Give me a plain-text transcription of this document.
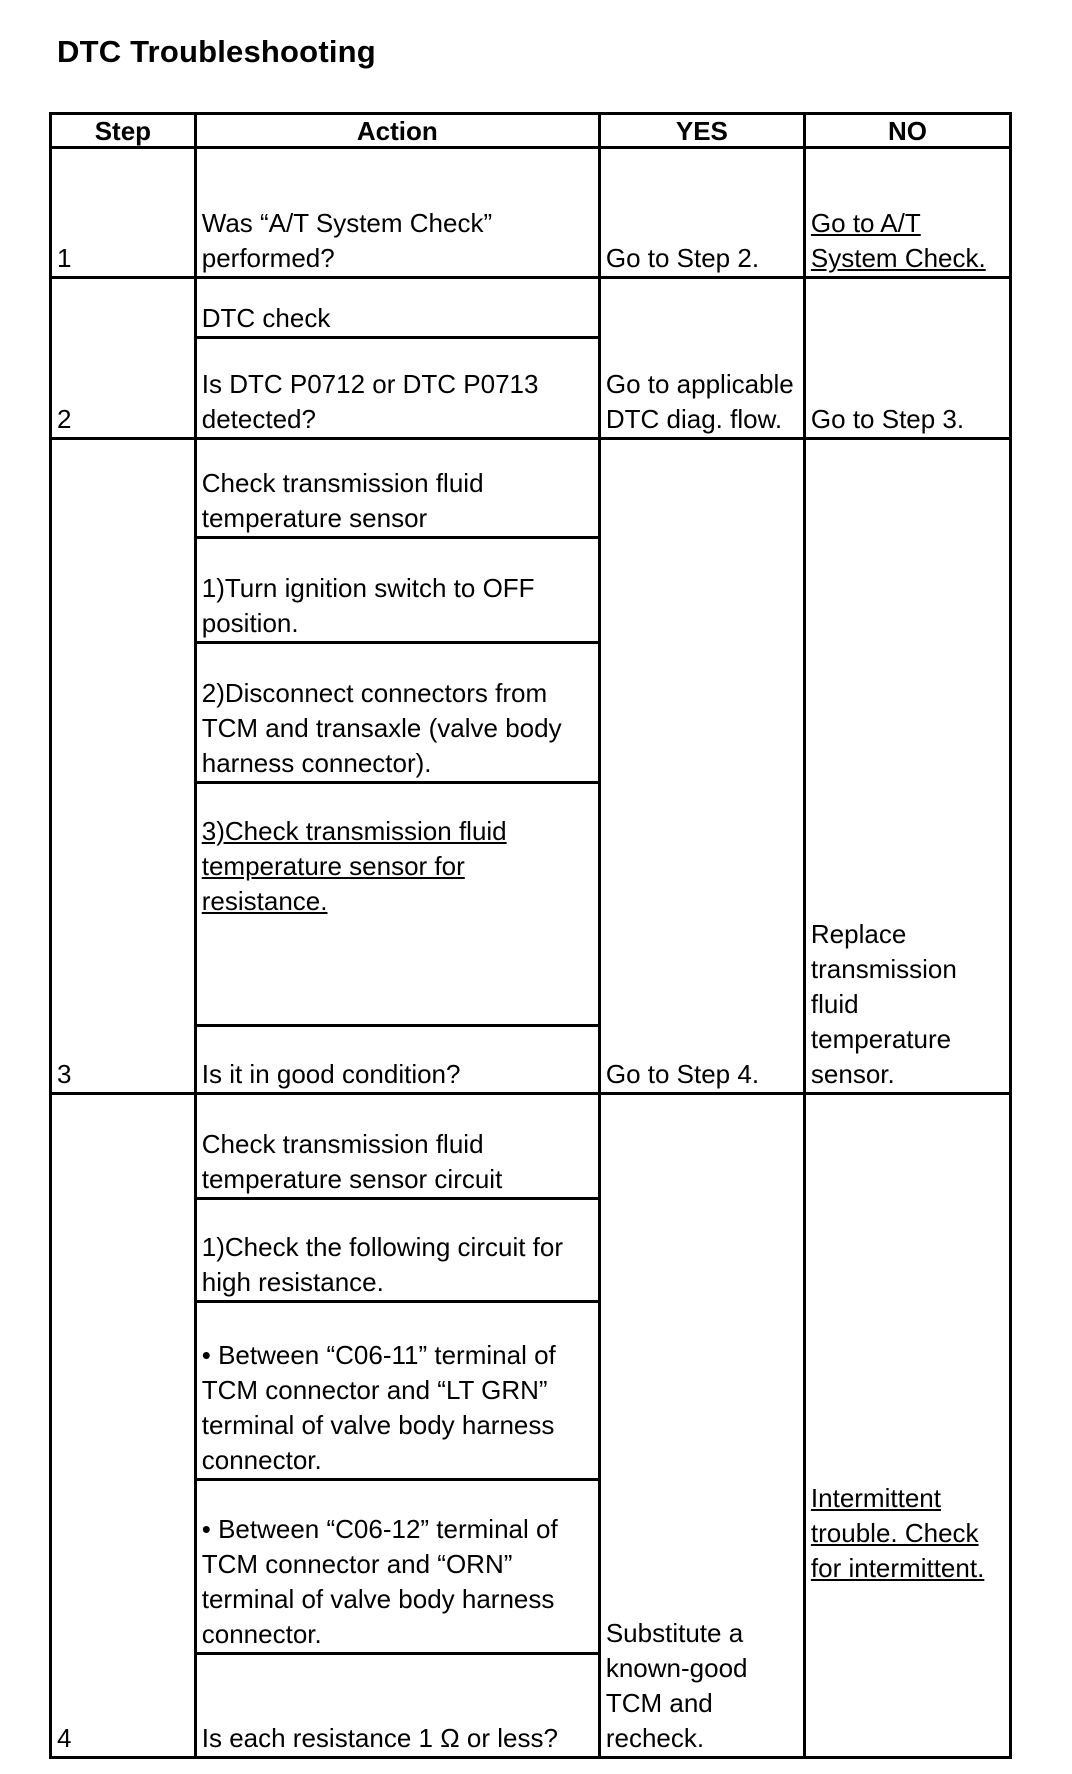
DTC Troubleshooting
Step	Action	YES	NO
1	Was “A/T System Check” performed?	Go to Step 2.	Go to A/T System Check.
2	DTC check	Go to applicable DTC diag. flow.	Go to Step 3.
	Is DTC P0712 or DTC P0713 detected?		
3	Check transmission fluid temperature sensor	Go to Step 4.	Replace transmission fluid temperature sensor.
	1)Turn ignition switch to OFF position.		
	2)Disconnect connectors from TCM and transaxle (valve body harness connector).		
	3)Check transmission fluid temperature sensor for resistance.		
	Is it in good condition?		
4	Check transmission fluid temperature sensor circuit	Substitute a known-good TCM and recheck.	Intermittent trouble. Check for intermittent.
	1)Check the following circuit for high resistance.		
	• Between “C06-11” terminal of TCM connector and “LT GRN” terminal of valve body harness connector.		
	• Between “C06-12” terminal of TCM connector and “ORN” terminal of valve body harness connector.		
	Is each resistance 1 Ω or less?		
